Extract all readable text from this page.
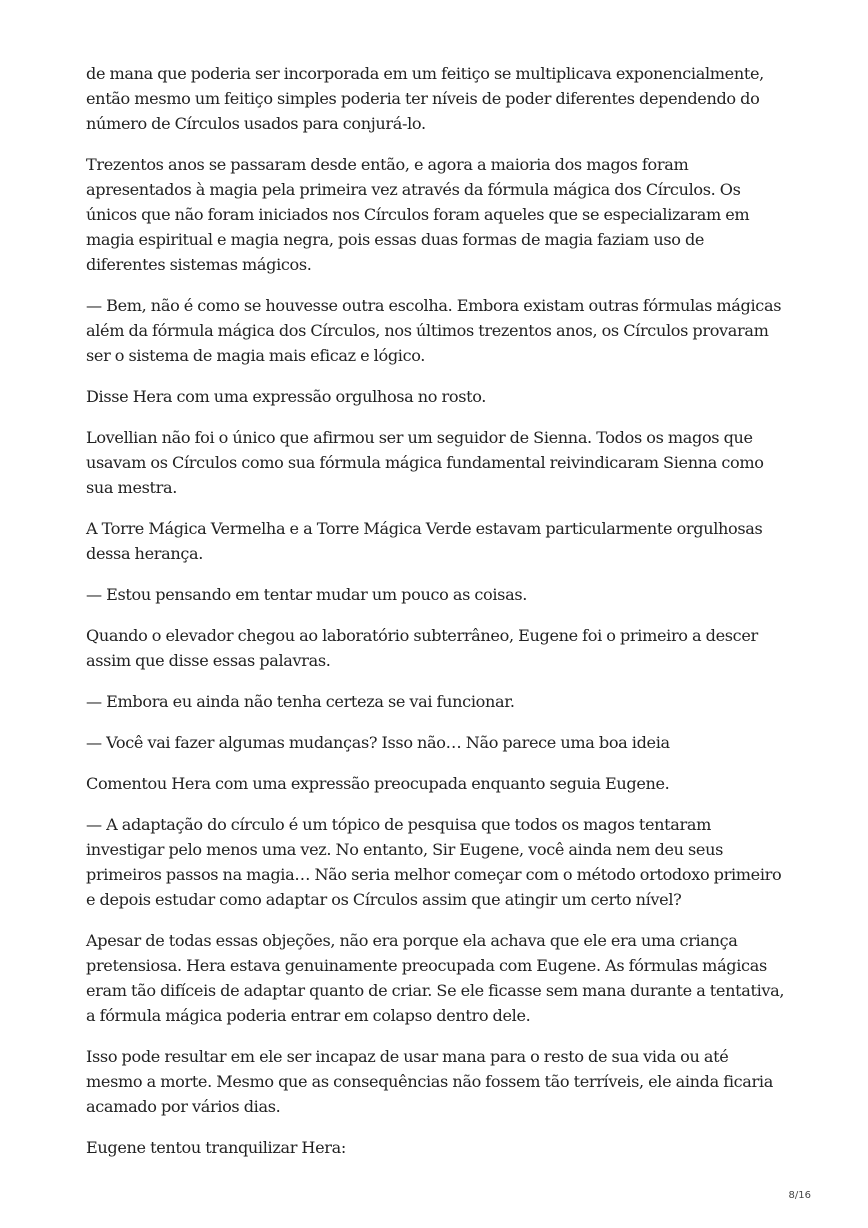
de mana que poderia ser incorporada em um feitiço se multiplicava exponencialmente, então mesmo um feitiço simples poderia ter níveis de poder diferentes dependendo do número de Círculos usados para conjurá-lo.

Trezentos anos se passaram desde então, e agora a maioria dos magos foram apresentados à magia pela primeira vez através da fórmula mágica dos Círculos. Os únicos que não foram iniciados nos Círculos foram aqueles que se especializaram em magia espiritual e magia negra, pois essas duas formas de magia faziam uso de diferentes sistemas mágicos.

— Bem, não é como se houvesse outra escolha. Embora existam outras fórmulas mágicas além da fórmula mágica dos Círculos, nos últimos trezentos anos, os Círculos provaram ser o sistema de magia mais eficaz e lógico.

Disse Hera com uma expressão orgulhosa no rosto.

Lovellian não foi o único que afirmou ser um seguidor de Sienna. Todos os magos que usavam os Círculos como sua fórmula mágica fundamental reivindicaram Sienna como sua mestra.

A Torre Mágica Vermelha e a Torre Mágica Verde estavam particularmente orgulhosas dessa herança.

— Estou pensando em tentar mudar um pouco as coisas.

Quando o elevador chegou ao laboratório subterrâneo, Eugene foi o primeiro a descer assim que disse essas palavras.

— Embora eu ainda não tenha certeza se vai funcionar.

— Você vai fazer algumas mudanças? Isso não… Não parece uma boa ideia

Comentou Hera com uma expressão preocupada enquanto seguia Eugene.

— A adaptação do círculo é um tópico de pesquisa que todos os magos tentaram investigar pelo menos uma vez. No entanto, Sir Eugene, você ainda nem deu seus primeiros passos na magia… Não seria melhor começar com o método ortodoxo primeiro e depois estudar como adaptar os Círculos assim que atingir um certo nível?

Apesar de todas essas objeções, não era porque ela achava que ele era uma criança pretensiosa. Hera estava genuinamente preocupada com Eugene. As fórmulas mágicas eram tão difíceis de adaptar quanto de criar. Se ele ficasse sem mana durante a tentativa, a fórmula mágica poderia entrar em colapso dentro dele.

Isso pode resultar em ele ser incapaz de usar mana para o resto de sua vida ou até mesmo a morte. Mesmo que as consequências não fossem tão terríveis, ele ainda ficaria acamado por vários dias.

Eugene tentou tranquilizar Hera:

8/16
